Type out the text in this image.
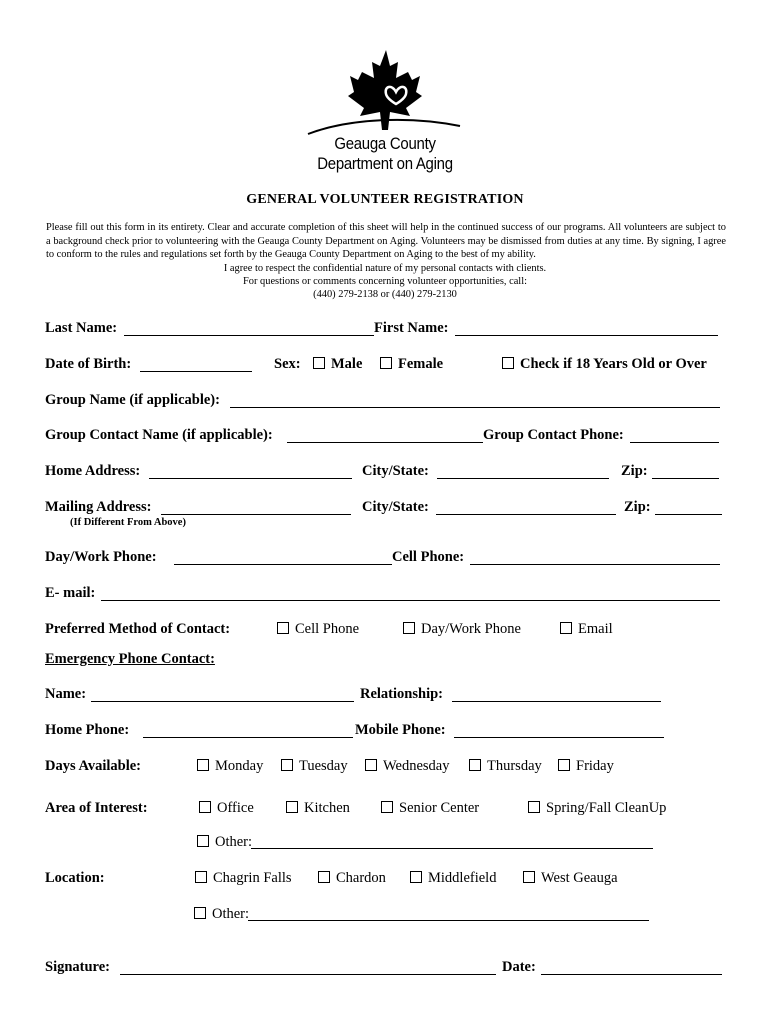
Geauga County
Department on Aging
GENERAL VOLUNTEER REGISTRATION
Please fill out this form in its entirety. Clear and accurate completion of this sheet will help in the continued success of our programs. All volunteers are subject to a background check prior to volunteering with the Geauga County Department on Aging. Volunteers may be dismissed from duties at any time. By signing, I agree to conform to the rules and regulations set forth by the Geauga County Department on Aging to the best of my ability.
I agree to respect the confidential nature of my personal contacts with clients.
For questions or comments concerning volunteer opportunities, call:
(440) 279-2138 or (440) 279-2130
Last Name:	First Name:
Date of Birth:	Sex:	Male	Female	Check if 18 Years Old or Over
Group Name (if applicable):
Group Contact Name (if applicable):	Group Contact Phone:
Home Address:	City/State:	Zip:
Mailing Address:	City/State:	Zip:
(If Different From Above)
Day/Work Phone:	Cell Phone:
E- mail:
Preferred Method of Contact:	Cell Phone	Day/Work Phone	Email
Emergency Phone Contact:
Name:	Relationship:
Home Phone:	Mobile Phone:
Days Available:	Monday	Tuesday	Wednesday	Thursday	Friday
Area of Interest:	Office	Kitchen	Senior Center	Spring/Fall CleanUp
Other:
Location:	Chagrin Falls	Chardon	Middlefield	West Geauga
Other:
Signature:	Date:
